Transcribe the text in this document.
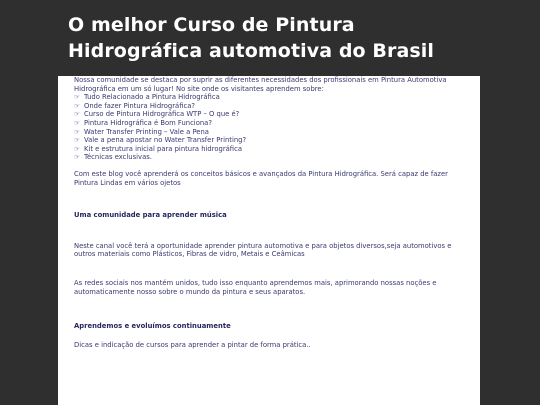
O melhor Curso de Pintura Hidrográfica automotiva do Brasil

Nossa comunidade se destaca por suprir as diferentes necessidades dos profissionais em Pintura Automotiva Hidrográfica em um só lugar! No site onde os visitantes aprendem sobre:

☞ Tudo Relacionado a Pintura Hidrográfica
☞ Onde fazer Pintura Hidrográfica?
☞ Curso de Pintura Hidrográfica WTP – O que é?
☞ Pintura Hidrográfica é Bom Funciona?
☞ Water Transfer Printing – Vale a Pena
☞ Vale a pena apostar no Water Transfer Printing?
☞ Kit e estrutura inicial para pintura hidrográfica
☞ Técnicas exclusivas.

Com este blog você aprenderá os conceitos básicos e avançados da Pintura Hidrográfica. Será capaz de fazer Pintura Lindas em vários ojetos

Uma comunidade para aprender música

Neste canal você terá a oportunidade aprender pintura automotiva e para objetos diversos,seja automotivos e outros materiais como Plásticos, Fibras de vidro, Metais e Ceâmicas

As redes sociais nos mantém unidos, tudo isso enquanto aprendemos mais, aprimorando nossas noções e automaticamente nosso sobre o mundo da pintura e seus aparatos.

Aprendemos e evoluímos continuamente

Dicas e indicação de cursos para aprender a pintar de forma prática..
